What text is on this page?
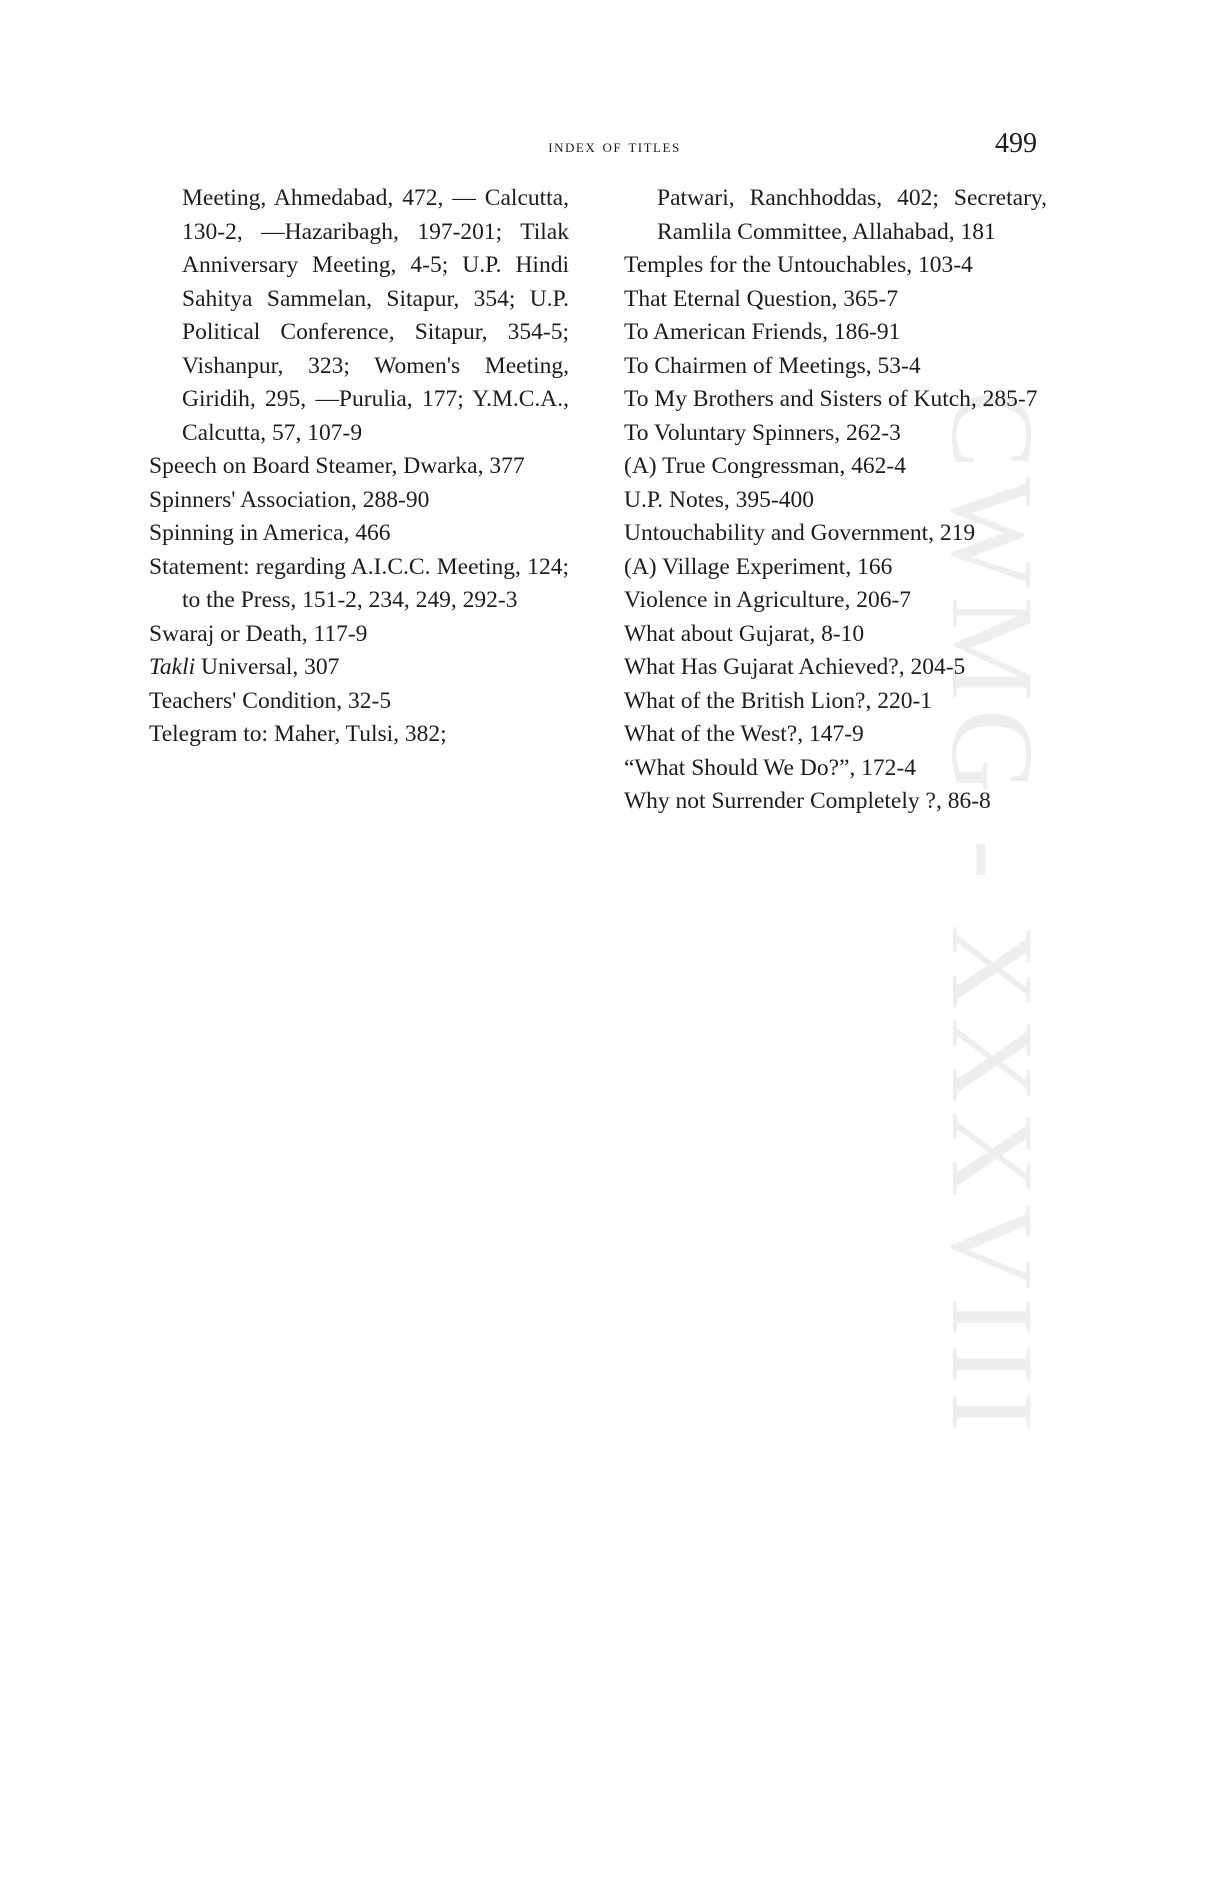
CWMG - XXXVIII
index of titles	499

Meeting, Ahmedabad, 472, — Calcutta, 130-2, —Hazaribagh, 197-201; Tilak Anniversary Meeting, 4-5; U.P. Hindi Sahitya Sammelan, Sitapur, 354; U.P. Political Conference, Sitapur, 354-5; Vishanpur, 323; Women's Meeting, Giridih, 295, —Purulia, 177; Y.M.C.A., Calcutta, 57, 107-9

Speech on Board Steamer, Dwarka, 377

Spinners' Association, 288-90

Spinning in America, 466

Statement: regarding A.I.C.C. Meeting, 124; to the Press, 151-2, 234, 249, 292-3

Swaraj or Death, 117-9

Takli Universal, 307

Teachers' Condition, 32-5

Telegram to: Maher, Tulsi, 382;

Patwari, Ranchhoddas, 402; Secretary, Ramlila Committee, Allahabad, 181

Temples for the Untouchables, 103-4

That Eternal Question, 365-7

To American Friends, 186-91

To Chairmen of Meetings, 53-4

To My Brothers and Sisters of Kutch, 285-7

To Voluntary Spinners, 262-3

(A) True Congressman, 462-4

U.P. Notes, 395-400

Untouchability and Government, 219

(A) Village Experiment, 166

Violence in Agriculture, 206-7

What about Gujarat, 8-10

What Has Gujarat Achieved?, 204-5

What of the British Lion?, 220-1

What of the West?, 147-9

“What Should We Do?”, 172-4

Why not Surrender Completely ?, 86-8
